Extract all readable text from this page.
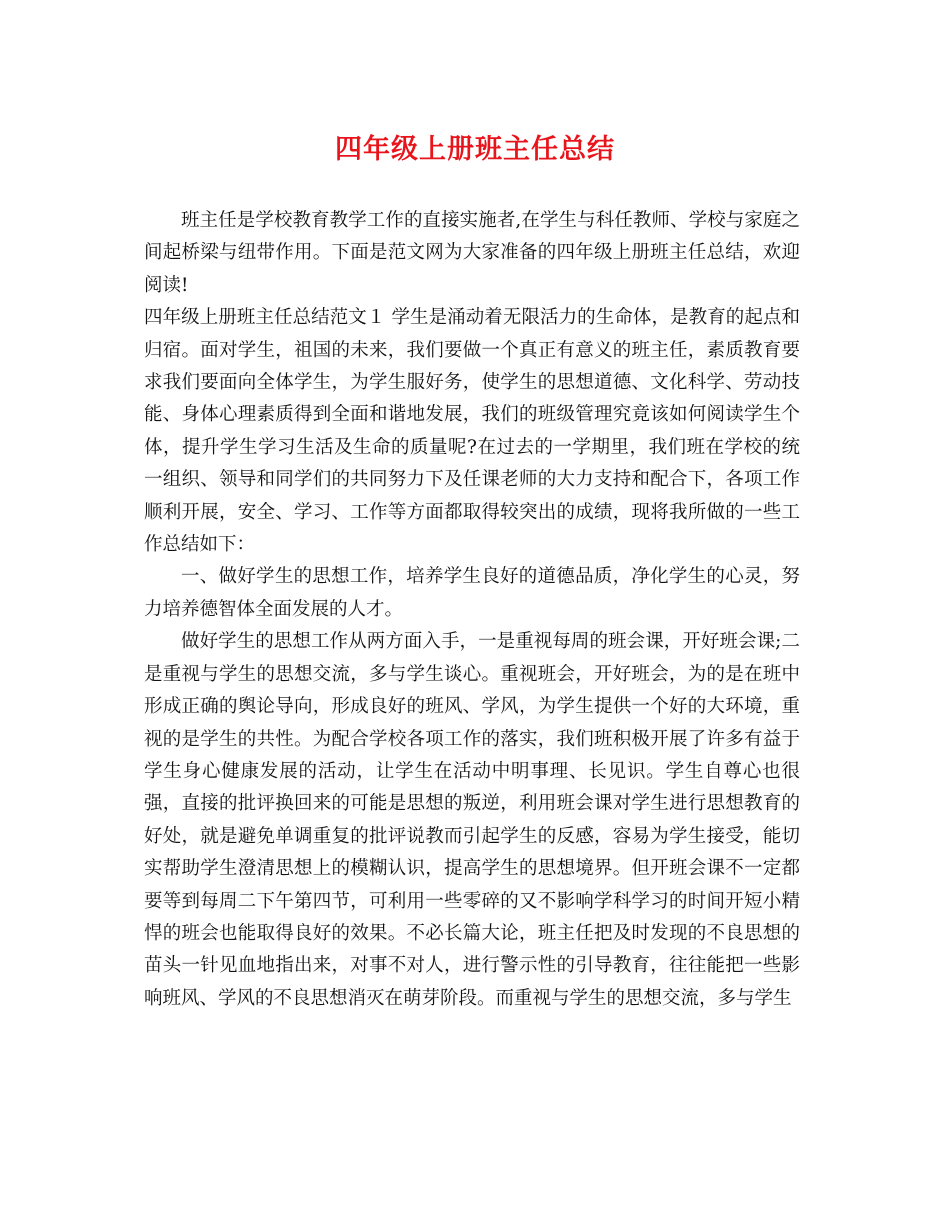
四年级上册班主任总结

班主任是学校教育教学工作的直接实施者,在学生与科任教师、学校与家庭之间起桥梁与纽带作用。下面是范文网为大家准备的四年级上册班主任总结，欢迎阅读!

四年级上册班主任总结范文１ 学生是涌动着无限活力的生命体，是教育的起点和归宿。面对学生，祖国的未来，我们要做一个真正有意义的班主任，素质教育要求我们要面向全体学生，为学生服好务，使学生的思想道德、文化科学、劳动技能、身体心理素质得到全面和谐地发展，我们的班级管理究竟该如何阅读学生个体，提升学生学习生活及生命的质量呢?在过去的一学期里，我们班在学校的统一组织、领导和同学们的共同努力下及任课老师的大力支持和配合下，各项工作顺利开展，安全、学习、工作等方面都取得较突出的成绩，现将我所做的一些工作总结如下：

一、做好学生的思想工作，培养学生良好的道德品质，净化学生的心灵，努力培养德智体全面发展的人才。

做好学生的思想工作从两方面入手，一是重视每周的班会课，开好班会课;二是重视与学生的思想交流，多与学生谈心。重视班会，开好班会，为的是在班中形成正确的舆论导向，形成良好的班风、学风，为学生提供一个好的大环境，重视的是学生的共性。为配合学校各项工作的落实，我们班积极开展了许多有益于学生身心健康发展的活动，让学生在活动中明事理、长见识。学生自尊心也很强，直接的批评换回来的可能是思想的叛逆，利用班会课对学生进行思想教育的好处，就是避免单调重复的批评说教而引起学生的反感，容易为学生接受，能切实帮助学生澄清思想上的模糊认识，提高学生的思想境界。但开班会课不一定都要等到每周二下午第四节，可利用一些零碎的又不影响学科学习的时间开短小精悍的班会也能取得良好的效果。不必长篇大论，班主任把及时发现的不良思想的苗头一针见血地指出来，对事不对人，进行警示性的引导教育，往往能把一些影响班风、学风的不良思想消灭在萌芽阶段。而重视与学生的思想交流，多与学生
